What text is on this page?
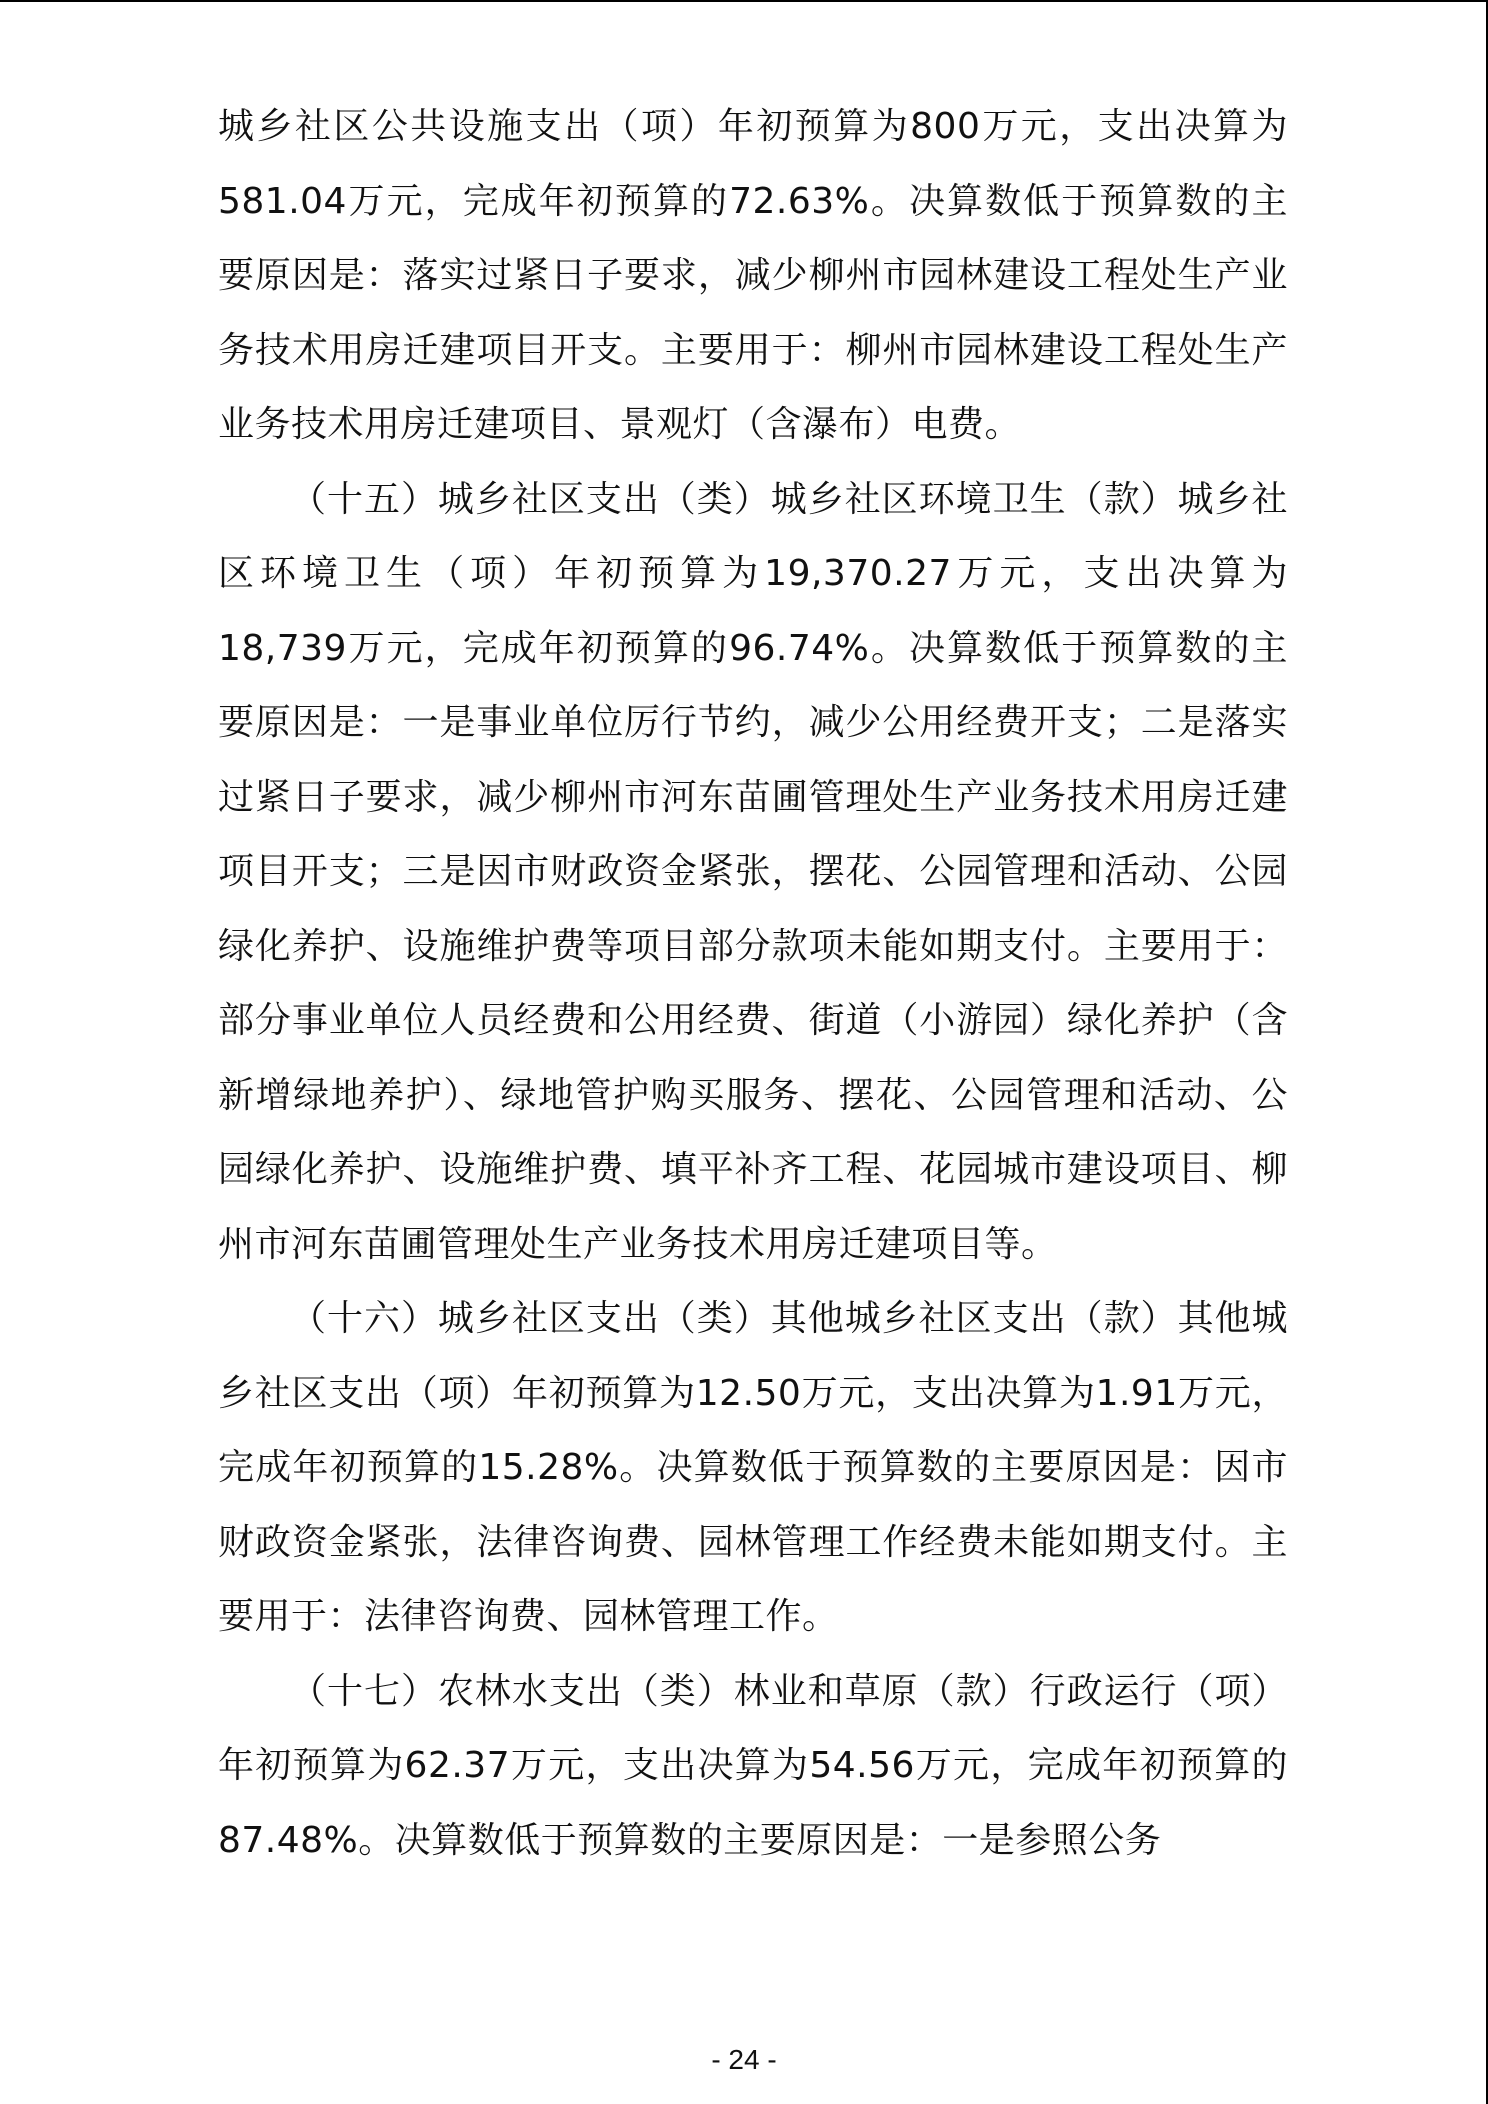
城乡社区公共设施支出（项）年初预算为800万元，支出决算为581.04万元，完成年初预算的72.63%。决算数低于预算数的主要原因是：落实过紧日子要求，减少柳州市园林建设工程处生产业务技术用房迁建项目开支。主要用于：柳州市园林建设工程处生产业务技术用房迁建项目、景观灯（含瀑布）电费。

（十五）城乡社区支出（类）城乡社区环境卫生（款）城乡社区环境卫生（项）年初预算为19,370.27万元，支出决算为18,739万元，完成年初预算的96.74%。决算数低于预算数的主要原因是：一是事业单位厉行节约，减少公用经费开支；二是落实过紧日子要求，减少柳州市河东苗圃管理处生产业务技术用房迁建项目开支；三是因市财政资金紧张，摆花、公园管理和活动、公园绿化养护、设施维护费等项目部分款项未能如期支付。主要用于：部分事业单位人员经费和公用经费、街道（小游园）绿化养护（含新增绿地养护）、绿地管护购买服务、摆花、公园管理和活动、公园绿化养护、设施维护费、填平补齐工程、花园城市建设项目、柳州市河东苗圃管理处生产业务技术用房迁建项目等。

（十六）城乡社区支出（类）其他城乡社区支出（款）其他城乡社区支出（项）年初预算为12.50万元，支出决算为1.91万元，完成年初预算的15.28%。决算数低于预算数的主要原因是：因市财政资金紧张，法律咨询费、园林管理工作经费未能如期支付。主要用于：法律咨询费、园林管理工作。

（十七）农林水支出（类）林业和草原（款）行政运行（项）年初预算为62.37万元，支出决算为54.56万元，完成年初预算的87.48%。决算数低于预算数的主要原因是：一是参照公务

- 24 -
